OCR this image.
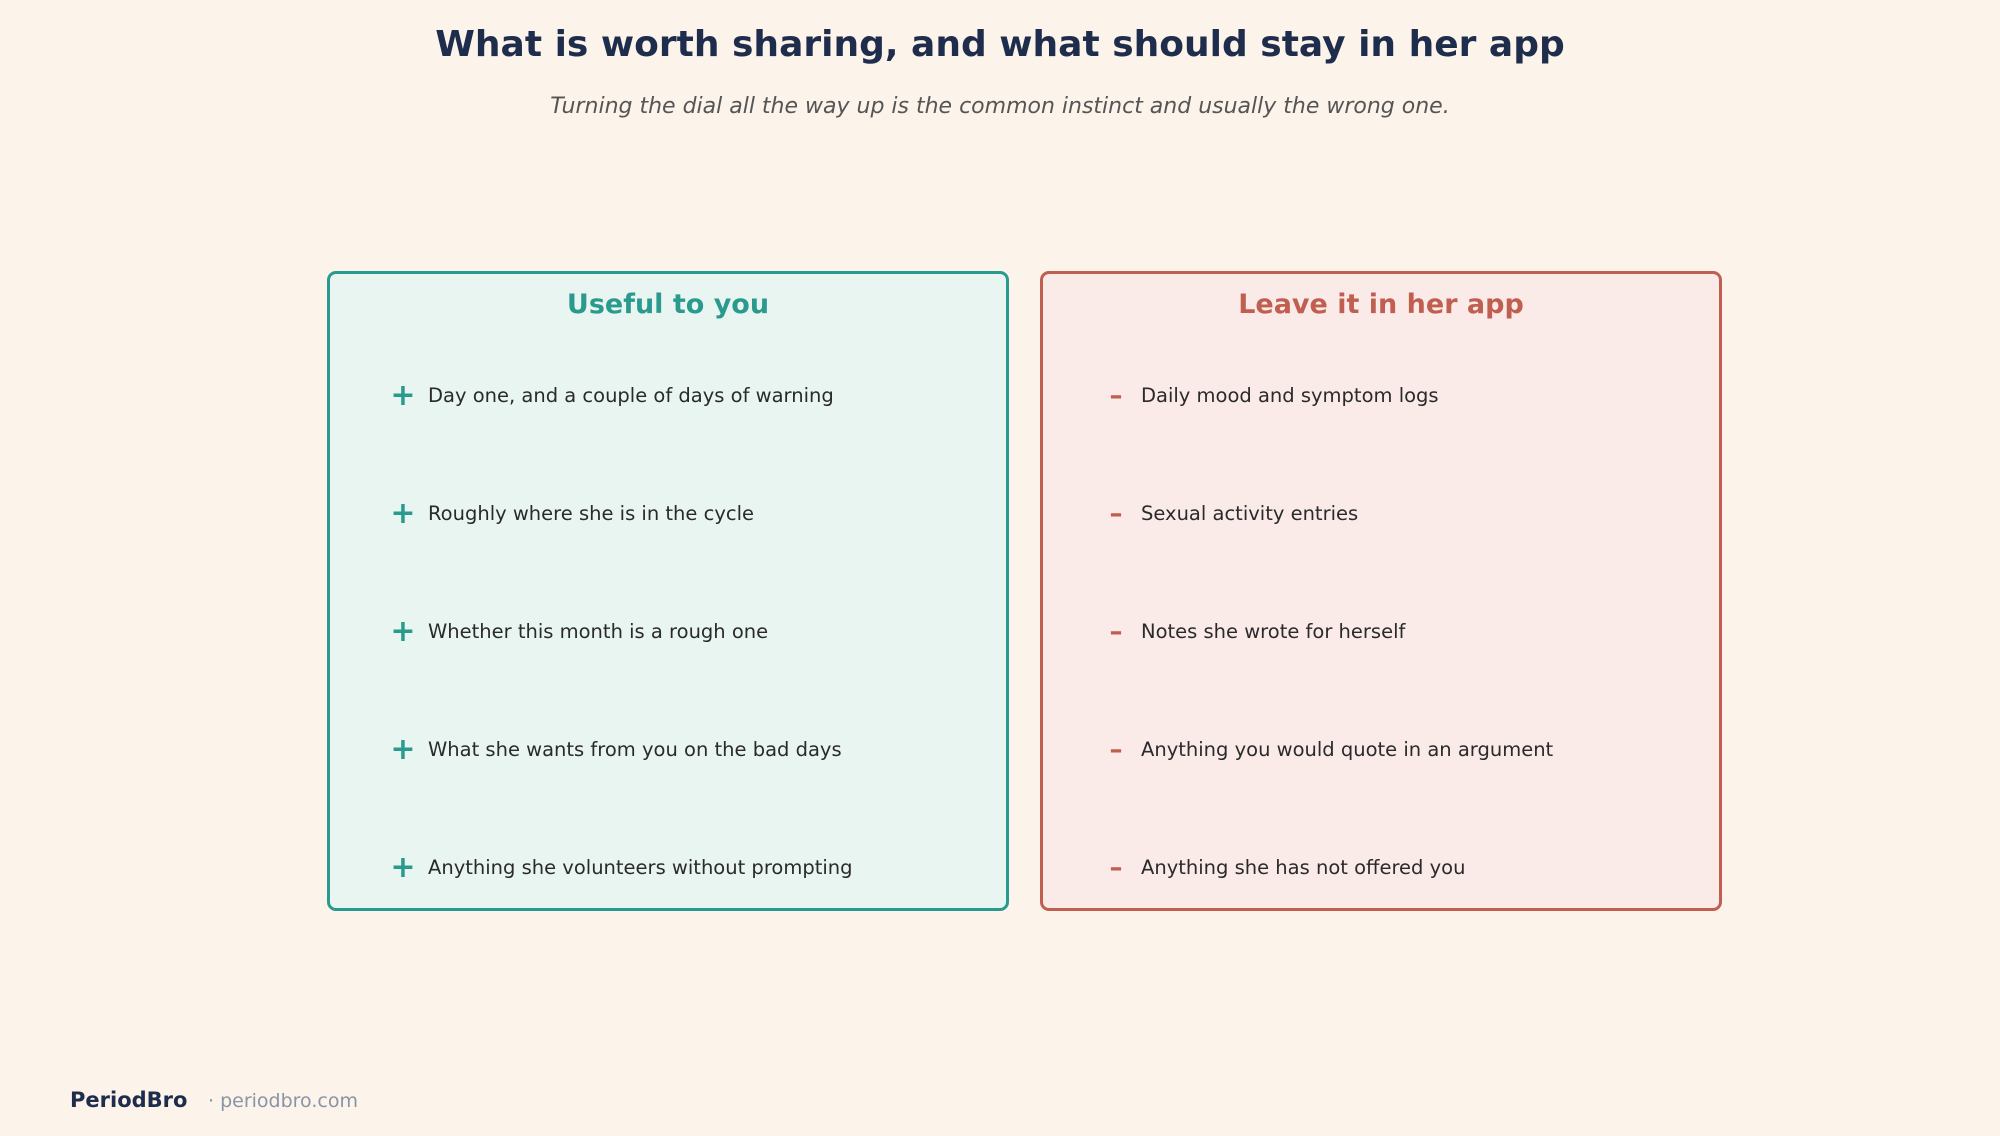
What is worth sharing, and what should stay in her app

Turning the dial all the way up is the common instinct and usually the wrong one.

Useful to you
+ Day one, and a couple of days of warning
+ Roughly where she is in the cycle
+ Whether this month is a rough one
+ What she wants from you on the bad days
+ Anything she volunteers without prompting
Leave it in her app
– Daily mood and symptom logs
– Sexual activity entries
– Notes she wrote for herself
– Anything you would quote in an argument
– Anything she has not offered you
PeriodBro · periodbro.com
